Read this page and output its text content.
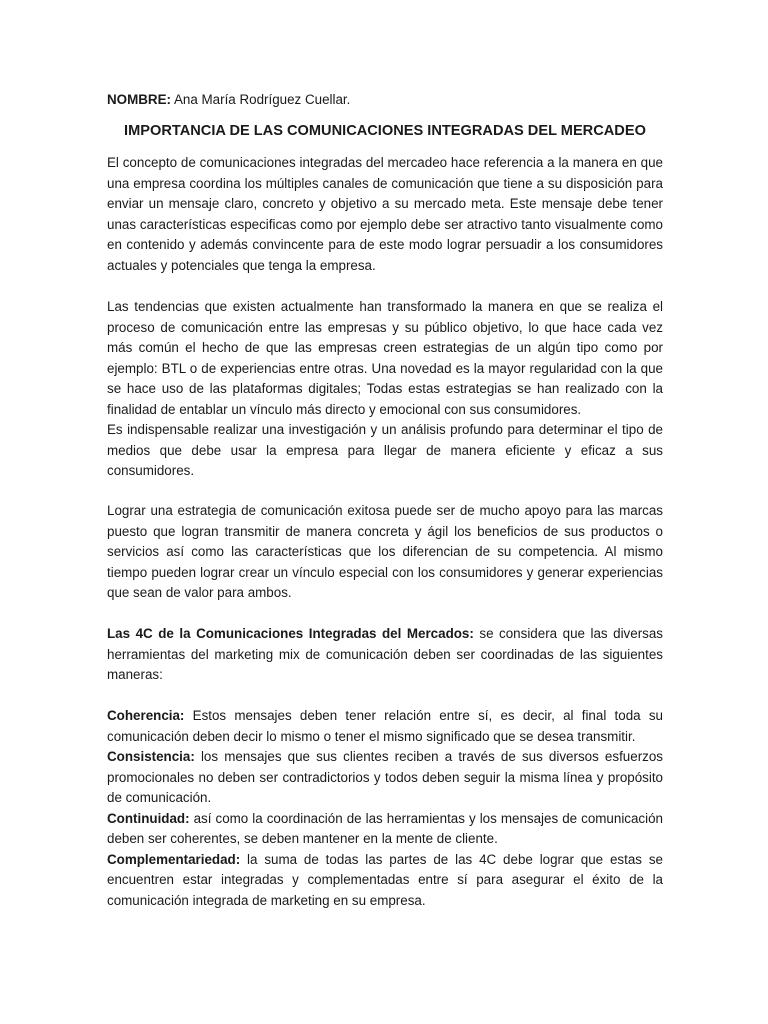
NOMBRE: Ana María Rodríguez Cuellar.

IMPORTANCIA DE LAS COMUNICACIONES INTEGRADAS DEL MERCADEO

El concepto de comunicaciones integradas del mercadeo hace referencia a la manera en que una empresa coordina los múltiples canales de comunicación que tiene a su disposición para enviar un mensaje claro, concreto y objetivo a su mercado meta. Este mensaje debe tener unas características especificas como por ejemplo debe ser atractivo tanto visualmente como en contenido y además convincente para de este modo lograr persuadir a los consumidores actuales y potenciales que tenga la empresa.

Las tendencias que existen actualmente han transformado la manera en que se realiza el proceso de comunicación entre las empresas y su público objetivo, lo que hace cada vez más común el hecho de que las empresas creen estrategias de un algún tipo como por ejemplo: BTL o de experiencias entre otras. Una novedad es la mayor regularidad con la que se hace uso de las plataformas digitales; Todas estas estrategias se han realizado con la finalidad de entablar un vínculo más directo y emocional con sus consumidores.

Es indispensable realizar una investigación y un análisis profundo para determinar el tipo de medios que debe usar la empresa para llegar de manera eficiente y eficaz a sus consumidores.

Lograr una estrategia de comunicación exitosa puede ser de mucho apoyo para las marcas puesto que logran transmitir de manera concreta y ágil los beneficios de sus productos o servicios así como las características que los diferencian de su competencia. Al mismo tiempo pueden lograr crear un vínculo especial con los consumidores y generar experiencias que sean de valor para ambos.

Las 4C de la Comunicaciones Integradas del Mercados: se considera que las diversas herramientas del marketing mix de comunicación deben ser coordinadas de las siguientes maneras:

Coherencia: Estos mensajes deben tener relación entre sí, es decir, al final toda su comunicación deben decir lo mismo o tener el mismo significado que se desea transmitir.

Consistencia: los mensajes que sus clientes reciben a través de sus diversos esfuerzos promocionales no deben ser contradictorios y todos deben seguir la misma línea y propósito de comunicación.

Continuidad: así como la coordinación de las herramientas y los mensajes de comunicación deben ser coherentes, se deben mantener en la mente de cliente.

Complementariedad: la suma de todas las partes de las 4C debe lograr que estas se encuentren estar integradas y complementadas entre sí para asegurar el éxito de la comunicación integrada de marketing en su empresa.
